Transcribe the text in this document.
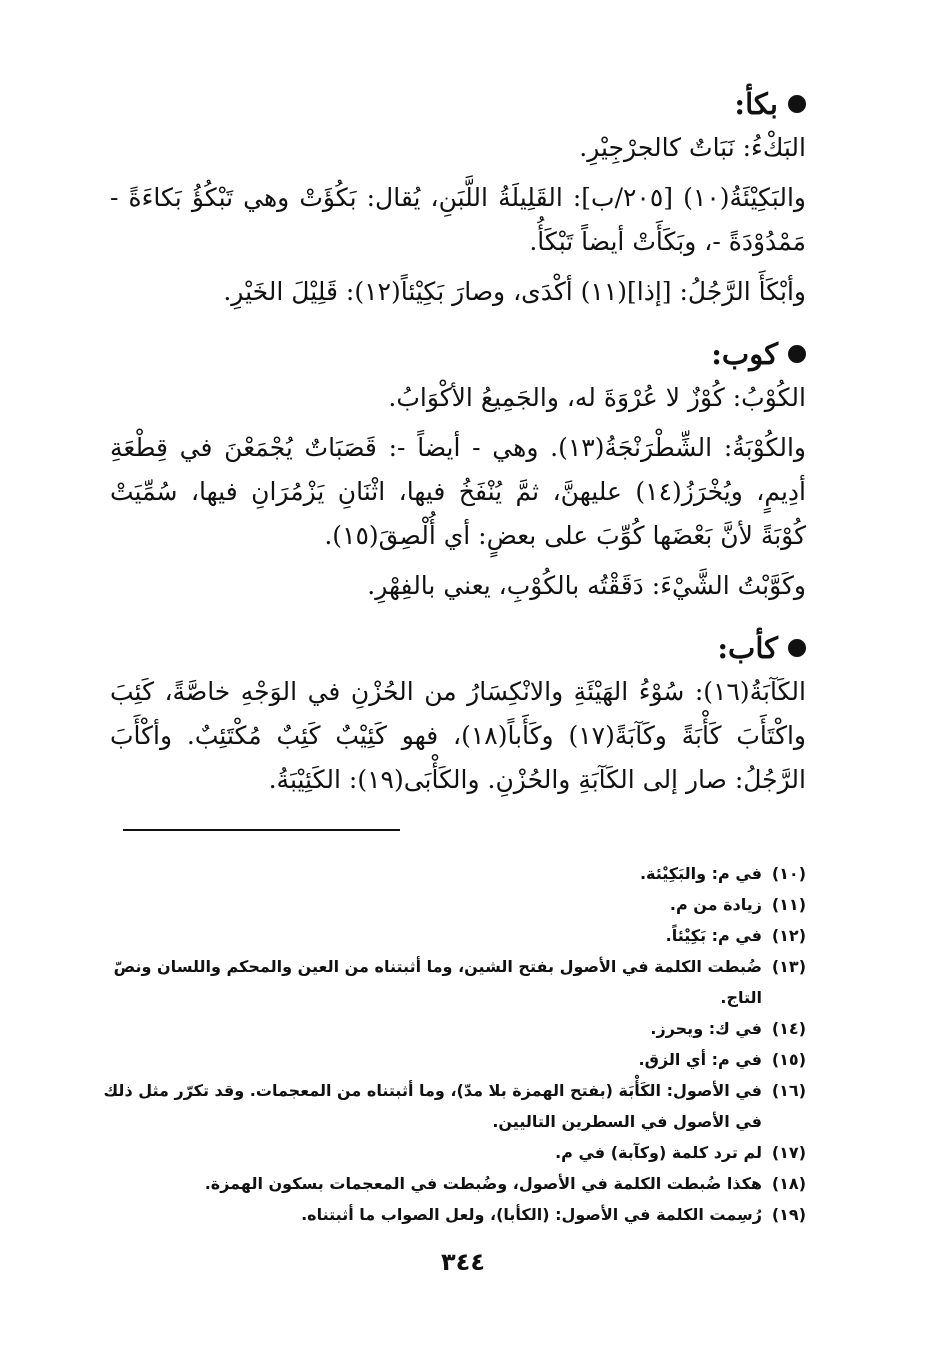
بكأ:

البَكْءُ: نَبَاتٌ كالجرْجِيْرِ.

والبَكِيْئَةُ(١٠) [٢٠٥/ب]: القَلِيلَةُ اللَّبَنِ، يُقال: بَكُؤَتْ وهي تَبْكُؤُ بَكاءَةً - مَمْدُوْدَةً -، وبَكَأَتْ أيضاً تَبْكَأُ.

وأبْكَأَ الرَّجُلُ: [إذا](١١) أكْدَى، وصارَ بَكِيْئاً(١٢): قَلِيْلَ الخَيْرِ.

كوب:

الكُوْبُ: كُوْزٌ لا عُرْوَةَ له، والجَمِيعُ الأكْوَابُ.

والكُوْبَةُ: الشِّطْرَنْجَةُ(١٣). وهي - أيضاً -: قَصَبَاتٌ يُجْمَعْنَ في قِطْعَةِ أدِيمٍ، ويُخْرَزُ(١٤) عليهنَّ، ثمَّ يُنْفَخُ فيها، اثْنَانِ يَزْمُرَانِ فيها، سُمِّيَتْ كُوْبَةً لأنَّ بَعْضَها كُوِّبَ على بعضٍ: أي أُلْصِقَ(١٥).

وكَوَّبْتُ الشَّيْءَ: دَقَقْتُه بالكُوْبِ، يعني بالفِهْرِ.

كأب:

الكَآبَةُ(١٦): سُوْءُ الهَيْئَةِ والانْكِسَارُ من الحُزْنِ في الوَجْهِ خاصَّةً، كَئِبَ واكْتَأَبَ كَأْبَةً وكَآبَةً(١٧) وكَأَباً(١٨)، فهو كَئِيْبٌ كَئِبٌ مُكْتَئِبٌ. وأكْأَبَ الرَّجُلُ: صار إلى الكَآبَةِ والحُزْنِ. والكَأْبَى(١٩): الكَئِيْبَةُ.

(١٠)
في م: والبَكِيْئة.

(١١)
زيادة من م.

(١٢)
في م: بَكِيْئاً.

(١٣)
ضُبطت الكلمة في الأصول بفتح الشين، وما أثبتناه من العين والمحكم واللسان ونصّ التاج.

(١٤)
في ك: ويحرز.

(١٥)
في م: أي الزق.

(١٦)
في الأصول: الكَأْبَة (بفتح الهمزة بلا مدّ)، وما أثبتناه من المعجمات. وقد تكرّر مثل ذلك في الأصول في السطرين التاليين.

(١٧)
لم ترد كلمة (وكآبة) في م.

(١٨)
هكذا ضُبطت الكلمة في الأصول، وضُبطت في المعجمات بسكون الهمزة.

(١٩)
رُسِمت الكلمة في الأصول: (الكأبا)، ولعل الصواب ما أثبتناه.

٣٤٤
